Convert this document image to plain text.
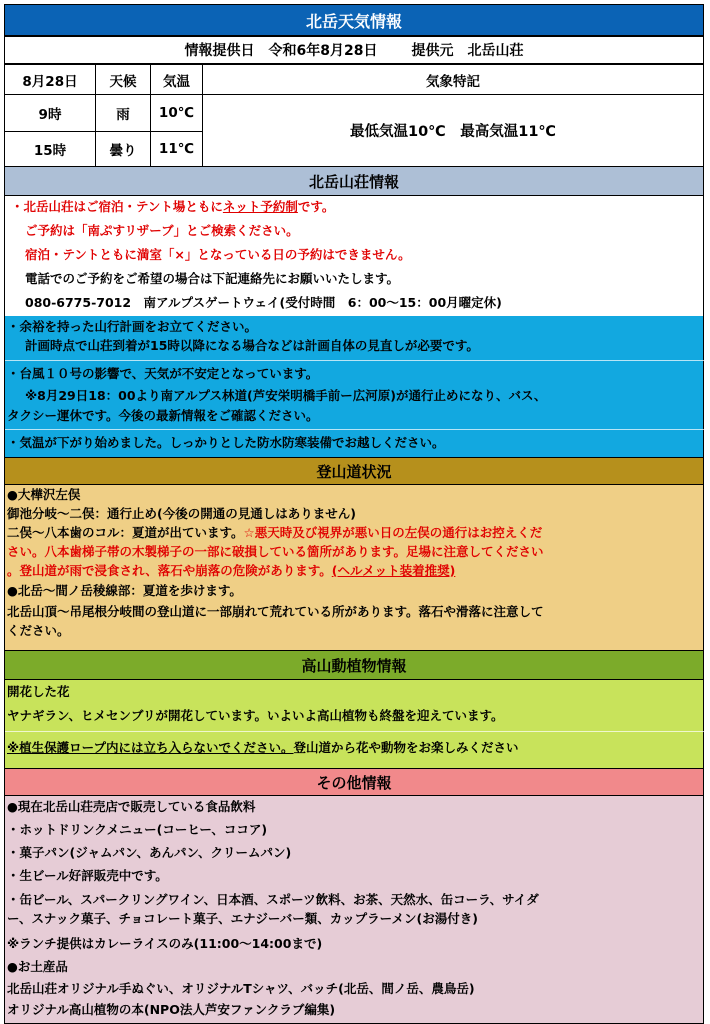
北岳天気情報
情報提供日 令和6年8月28日 提供元 北岳山荘
8月28日	天候	気温	気象特記
9時	雨	10℃
15時	曇り	11℃
最低気温10℃　最高気温11℃
北岳山荘情報
・北岳山荘はご宿泊・テント場ともにネット予約制です。
ご予約は「南ぷすリザーブ」とご検索ください。
宿泊・テントともに満室「×」となっている日の予約はできません。
電話でのご予約をご希望の場合は下記連絡先にお願いいたします。
080-6775-7012　南アルプスゲートウェイ(受付時間　6：00～15：00月曜定休)
・余裕を持った山行計画をお立てください。
計画時点で山荘到着が15時以降になる場合などは計画自体の見直しが必要です。
・台風１０号の影響で、天気が不安定となっています。
※8月29日18：00より南アルプス林道(芦安栄明橋手前ー広河原)が通行止めになり、バス、
タクシー運休です。今後の最新情報をご確認ください。
・気温が下がり始めました。しっかりとした防水防寒装備でお越しください。
登山道状況
●大樺沢左俣
御池分岐～二俣：通行止め(今後の開通の見通しはありません)
二俣～八本歯のコル：夏道が出ています。☆悪天時及び視界が悪い日の左俣の通行はお控えくだ
さい。八本歯梯子帯の木製梯子の一部に破損している箇所があります。足場に注意してください
。登山道が雨で浸食され、落石や崩落の危険があります。(ヘルメット装着推奨)
●北岳～間ノ岳稜線部：夏道を歩けます。
北岳山頂～吊尾根分岐間の登山道に一部崩れて荒れている所があります。落石や滑落に注意して
ください。
高山動植物情報
開花した花
ヤナギラン、ヒメセンブリが開花しています。いよいよ高山植物も終盤を迎えています。
※植生保護ロープ内には立ち入らないでください。登山道から花や動物をお楽しみください
その他情報
●現在北岳山荘売店で販売している食品飲料
・ホットドリンクメニュー(コーヒー、ココア)
・菓子パン(ジャムパン、あんパン、クリームパン)
・生ビール好評販売中です。
・缶ビール、スパークリングワイン、日本酒、スポーツ飲料、お茶、天然水、缶コーラ、サイダ
ー、スナック菓子、チョコレート菓子、エナジーバー類、カップラーメン(お湯付き)
※ランチ提供はカレーライスのみ(11:00～14:00まで)
●お土産品
北岳山荘オリジナル手ぬぐい、オリジナルTシャツ、バッチ(北岳、間ノ岳、農鳥岳)
オリジナル高山植物の本(NPO法人芦安ファンクラブ編集)
